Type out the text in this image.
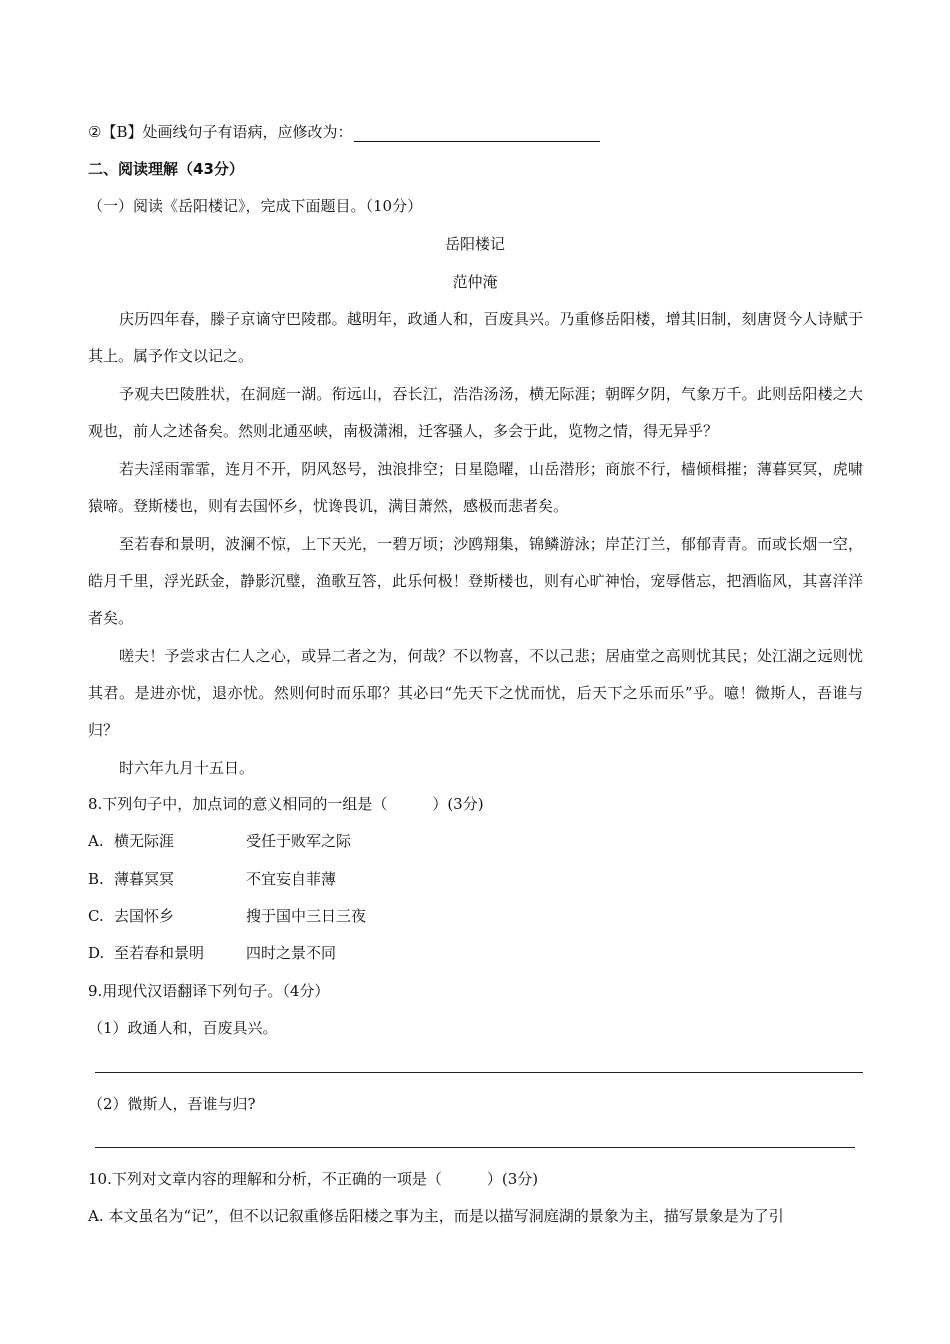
②【B】处画线句子有语病，应修改为：
二、阅读理解（43分）
（一）阅读《岳阳楼记》，完成下面题目。（10分）
岳阳楼记
范仲淹
庆历四年春，滕子京谪守巴陵郡。越明年，政通人和，百废具兴。乃重修岳阳楼，增其旧制，刻唐贤今人诗赋于其上。属予作文以记之。
予观夫巴陵胜状，在洞庭一湖。衔远山，吞长江，浩浩汤汤，横无际涯；朝晖夕阴，气象万千。此则岳阳楼之大观也，前人之述备矣。然则北通巫峡，南极潇湘，迁客骚人，多会于此，览物之情，得无异乎？
若夫淫雨霏霏，连月不开，阴风怒号，浊浪排空；日星隐曜，山岳潜形；商旅不行，樯倾楫摧；薄暮冥冥，虎啸猿啼。登斯楼也，则有去国怀乡，忧谗畏讥，满目萧然，感极而悲者矣。
至若春和景明，波澜不惊，上下天光，一碧万顷；沙鸥翔集，锦鳞游泳；岸芷汀兰，郁郁青青。而或长烟一空，皓月千里，浮光跃金，静影沉璧，渔歌互答，此乐何极！登斯楼也，则有心旷神怡，宠辱偕忘，把酒临风，其喜洋洋者矣。
嗟夫！予尝求古仁人之心，或异二者之为，何哉？不以物喜，不以己悲；居庙堂之高则忧其民；处江湖之远则忧其君。是进亦忧，退亦忧。然则何时而乐耶？其必曰“先天下之忧而忧，后天下之乐而乐”乎。噫！微斯人，吾谁与归？
时六年九月十五日。
8.下列句子中，加点词的意义相同的一组是（　　　）(3分)
A. 横无际涯	受任于败军之际
B. 薄暮冥冥	不宜妄自菲薄
C. 去国怀乡	搜于国中三日三夜
D. 至若春和景明	四时之景不同
9.用现代汉语翻译下列句子。（4分）
（1）政通人和，百废具兴。
（2）微斯人，吾谁与归?
10.下列对文章内容的理解和分析，不正确的一项是（　　　）(3分)
A. 本文虽名为“记”，但不以记叙重修岳阳楼之事为主，而是以描写洞庭湖的景象为主，描写景象是为了引
